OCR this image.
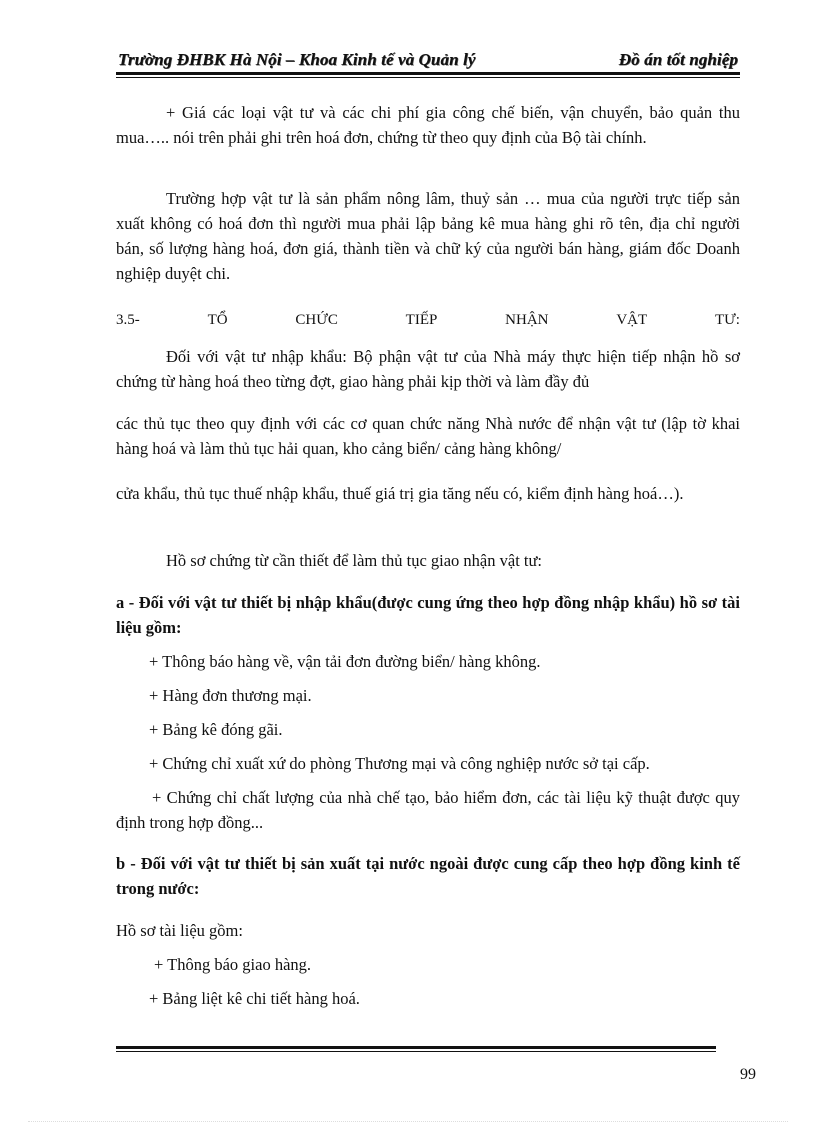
Trường ĐHBK Hà Nội – Khoa Kinh tế và Quản lý	Đồ án tốt nghiệp
+ Giá các loại vật tư và các chi phí gia công chế biến, vận chuyển, bảo quản thu mua….. nói trên phải ghi trên hoá đơn, chứng từ theo quy định của Bộ tài chính.
Trường hợp vật tư là sản phẩm nông lâm, thuỷ sản … mua của người trực tiếp sản xuất không có hoá đơn thì người mua phải lập bảng kê mua hàng ghi rõ tên, địa chỉ người bán, số lượng hàng hoá, đơn giá, thành tiền và chữ ký của người bán hàng, giám đốc Doanh nghiệp duyệt chi.
3.5-	TỔ	CHỨC	TIẾP	NHẬN	VẬT	TƯ:
Đối với vật tư nhập khẩu: Bộ phận vật tư của Nhà máy thực hiện tiếp nhận hồ sơ chứng từ hàng hoá theo từng đợt, giao hàng phải kịp thời và làm đầy đủ
các thủ tục theo quy định với các cơ quan chức năng Nhà nước để nhận vật tư (lập tờ khai hàng hoá và làm thủ tục hải quan, kho cảng biển/ cảng hàng không/
cửa khẩu, thủ tục thuế nhập khẩu, thuế giá trị gia tăng nếu có, kiểm định hàng hoá…).
Hồ sơ chứng từ cần thiết để làm thủ tục giao nhận vật tư:
a - Đối với vật tư thiết bị nhập khẩu(được cung ứng theo hợp đồng nhập khẩu) hồ sơ tài liệu gồm:
+ Thông báo hàng về, vận tải đơn đường biển/ hàng không.
+ Hàng đơn thương mại.
+ Bảng kê đóng gãi.
+ Chứng chỉ xuất xứ do phòng Thương mại và công nghiệp nước sở tại cấp.
+ Chứng chỉ chất lượng của nhà chế tạo, bảo hiểm đơn, các tài liệu kỹ thuật được quy định trong hợp đồng...
b - Đối với vật tư thiết bị sản xuất tại nước ngoài được cung cấp theo hợp đồng kinh tế trong nước:
Hồ sơ tài liệu gồm:
+ Thông báo giao hàng.
+ Bảng liệt kê chi tiết hàng hoá.
99
